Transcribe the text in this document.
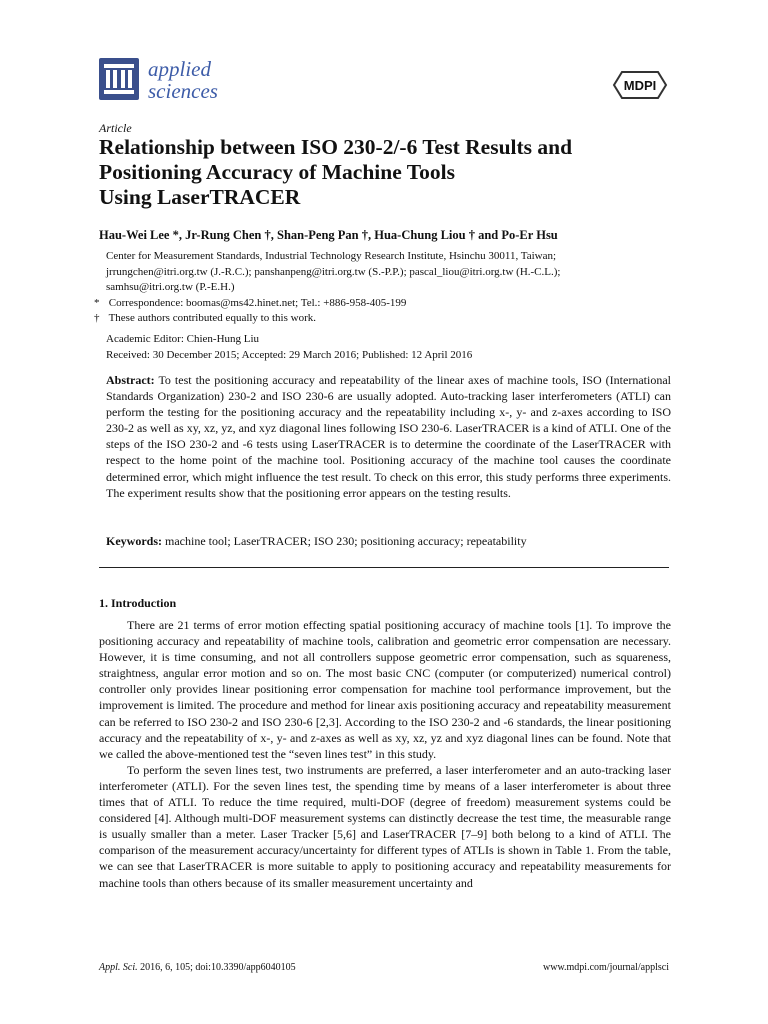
applied
sciences	MDPI
Article
Relationship between ISO 230-2/-6 Test Results and
Positioning Accuracy of Machine Tools
Using LaserTRACER
Hau-Wei Lee *, Jr-Rung Chen †, Shan-Peng Pan †, Hua-Chung Liou † and Po-Er Hsu
Center for Measurement Standards, Industrial Technology Research Institute, Hsinchu 30011, Taiwan;
jrrungchen@itri.org.tw (J.-R.C.); panshanpeng@itri.org.tw (S.-P.P.); pascal_liou@itri.org.tw (H.-C.L.);
samhsu@itri.org.tw (P.-E.H.)
* Correspondence: boomas@ms42.hinet.net; Tel.: +886-958-405-199
† These authors contributed equally to this work.
Academic Editor: Chien-Hung Liu
Received: 30 December 2015; Accepted: 29 March 2016; Published: 12 April 2016
Abstract: To test the positioning accuracy and repeatability of the linear axes of machine tools, ISO (International Standards Organization) 230-2 and ISO 230-6 are usually adopted. Auto-tracking laser interferometers (ATLI) can perform the testing for the positioning accuracy and the repeatability including x-, y- and z-axes according to ISO 230-2 as well as xy, xz, yz, and xyz diagonal lines following ISO 230-6. LaserTRACER is a kind of ATLI. One of the steps of the ISO 230-2 and -6 tests using LaserTRACER is to determine the coordinate of the LaserTRACER with respect to the home point of the machine tool. Positioning accuracy of the machine tool causes the coordinate determined error, which might influence the test result. To check on this error, this study performs three experiments. The experiment results show that the positioning error appears on the testing results.
Keywords: machine tool; LaserTRACER; ISO 230; positioning accuracy; repeatability
1. Introduction

There are 21 terms of error motion effecting spatial positioning accuracy of machine tools [1]. To improve the positioning accuracy and repeatability of machine tools, calibration and geometric error compensation are necessary. However, it is time consuming, and not all controllers suppose geometric error compensation, such as squareness, straightness, angular error motion and so on. The most basic CNC (computer (or computerized) numerical control) controller only provides linear positioning error compensation for machine tool performance improvement, but the improvement is limited. The procedure and method for linear axis positioning accuracy and repeatability measurement can be referred to ISO 230-2 and ISO 230-6 [2,3]. According to the ISO 230-2 and -6 standards, the linear positioning accuracy and the repeatability of x-, y- and z-axes as well as xy, xz, yz and xyz diagonal lines can be found. Note that we called the above-mentioned test the “seven lines test” in this study.

To perform the seven lines test, two instruments are preferred, a laser interferometer and an auto-tracking laser interferometer (ATLI). For the seven lines test, the spending time by means of a laser interferometer is about three times that of ATLI. To reduce the time required, multi-DOF (degree of freedom) measurement systems could be considered [4]. Although multi-DOF measurement systems can distinctly decrease the test time, the measurable range is usually smaller than a meter. Laser Tracker [5,6] and LaserTRACER [7–9] both belong to a kind of ATLI. The comparison of the measurement accuracy/uncertainty for different types of ATLIs is shown in Table 1. From the table, we can see that LaserTRACER is more suitable to apply to positioning accuracy and repeatability measurements for machine tools than others because of its smaller measurement uncertainty and

Appl. Sci. 2016, 6, 105; doi:10.3390/app6040105	www.mdpi.com/journal/applsci
